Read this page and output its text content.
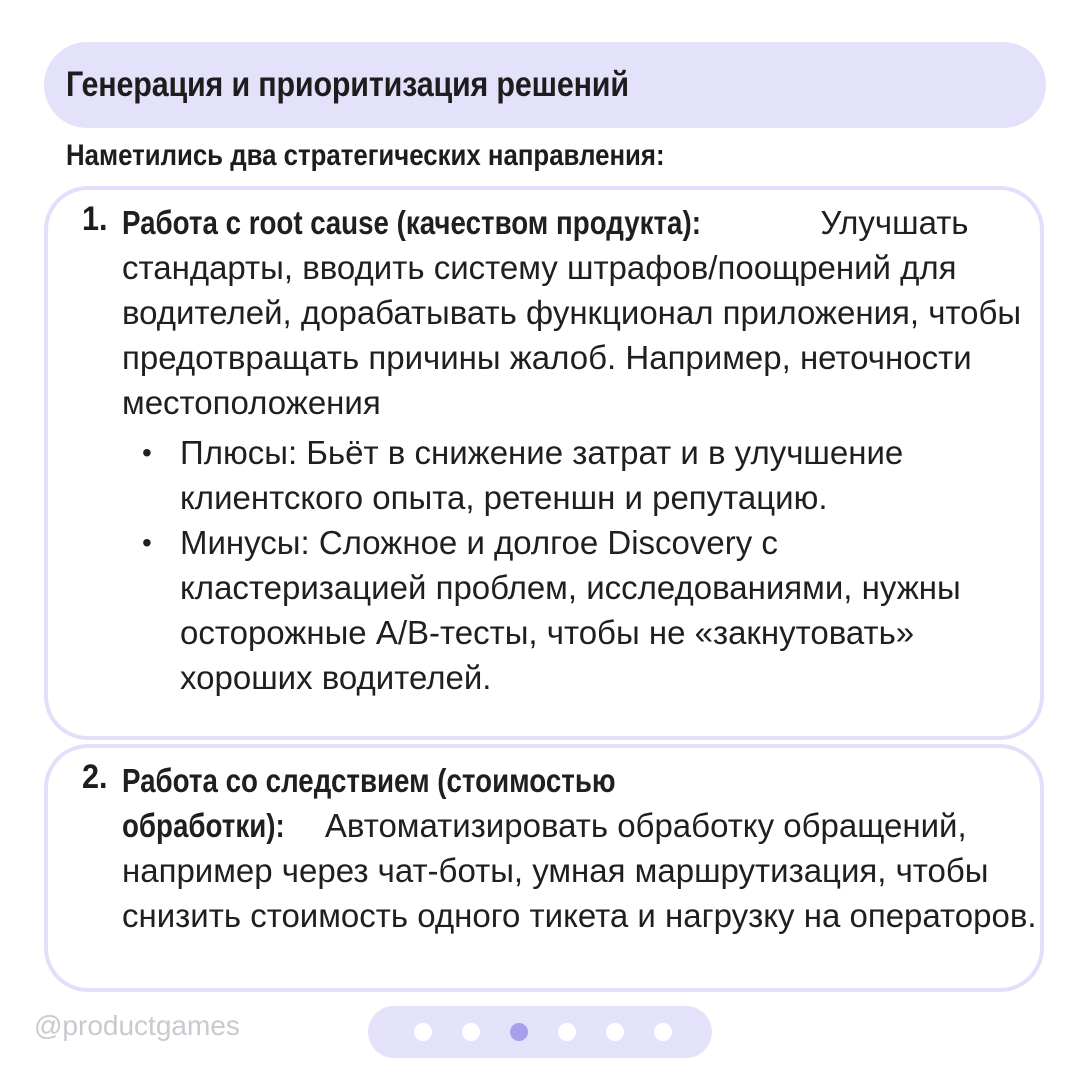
Генерация и приоритизация решений
Наметились два стратегических направления:
1. Работа с root cause (качеством продукта):	Улучшать стандарты, вводить систему штрафов/поощрений для водителей, дорабатывать функционал приложения, чтобы предотвращать причины жалоб. Например, неточности местоположения
• Плюсы: Бьёт в снижение затрат и в улучшение клиентского опыта, ретеншн и репутацию.
• Минусы: Сложное и долгое Discovery с кластеризацией проблем, исследованиями, нужны осторожные A/B-тесты, чтобы не «закнутовать» хороших водителей.
2. Работа со следствием (стоимостью
обработки): Автоматизировать обработку обращений, например через чат-боты, умная маршрутизация, чтобы снизить стоимость одного тикета и нагрузку на операторов.
@productgames
